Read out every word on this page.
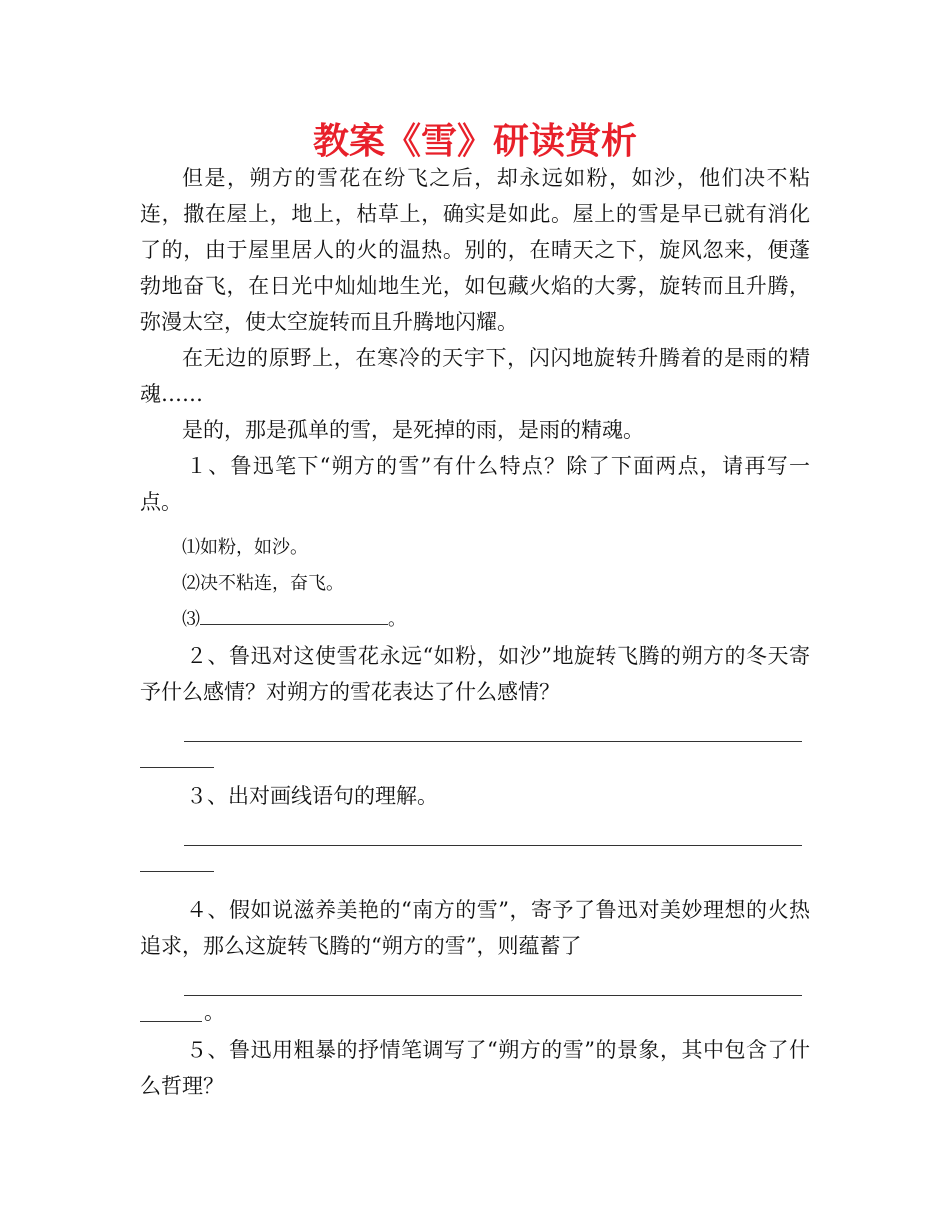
教案《雪》研读赏析

但是，朔方的雪花在纷飞之后，却永远如粉，如沙，他们决不粘连，撒在屋上，地上，枯草上，确实是如此。屋上的雪是早已就有消化了的，由于屋里居人的火的温热。别的，在晴天之下，旋风忽来，便蓬勃地奋飞，在日光中灿灿地生光，如包藏火焰的大雾，旋转而且升腾，弥漫太空，使太空旋转而且升腾地闪耀。

在无边的原野上，在寒冷的天宇下，闪闪地旋转升腾着的是雨的精魂……

是的，那是孤单的雪，是死掉的雨，是雨的精魂。

１、鲁迅笔下“朔方的雪”有什么特点？除了下面两点，请再写一点。

⑴如粉，如沙。

⑵决不粘连，奋飞。

⑶	。

２、鲁迅对这使雪花永远“如粉，如沙”地旋转飞腾的朔方的冬天寄予什么感情？对朔方的雪花表达了什么感情？

３、出对画线语句的理解。

４、假如说滋养美艳的“南方的雪”，寄予了鲁迅对美妙理想的火热追求，那么这旋转飞腾的“朔方的雪”，则蕴蓄了

。

５、鲁迅用粗暴的抒情笔调写了“朔方的雪”的景象，其中包含了什么哲理？
